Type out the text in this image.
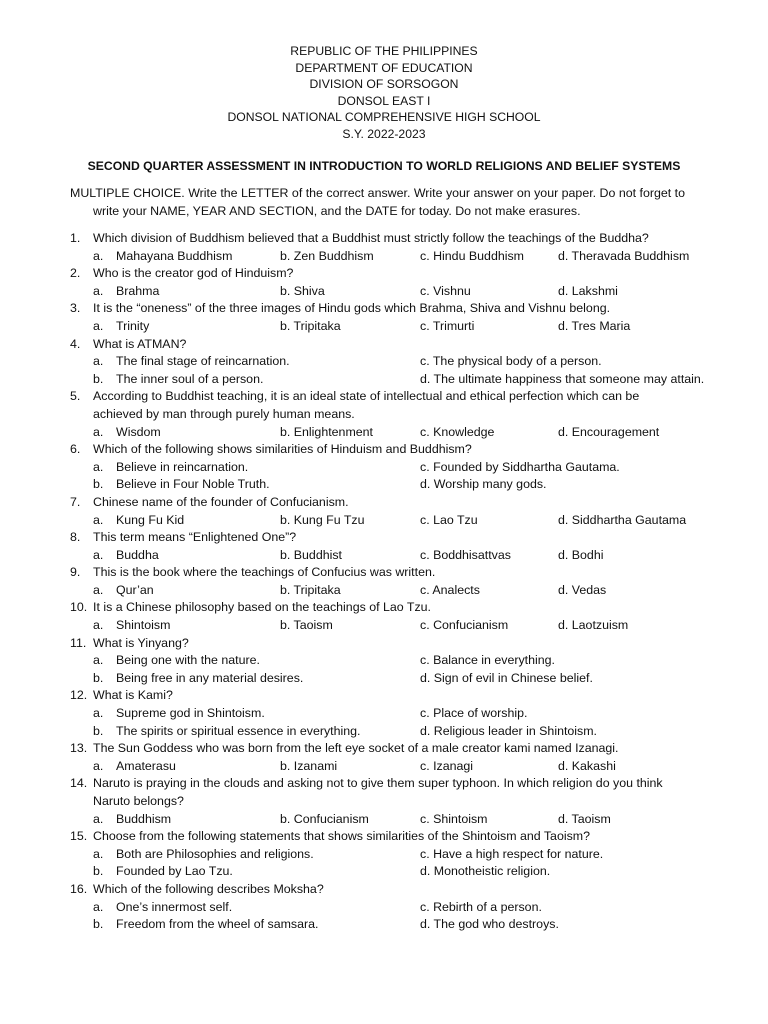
REPUBLIC OF THE PHILIPPINES
DEPARTMENT OF EDUCATION
DIVISION OF SORSOGON
DONSOL EAST I
DONSOL NATIONAL COMPREHENSIVE HIGH SCHOOL
S.Y. 2022-2023
SECOND QUARTER ASSESSMENT IN INTRODUCTION TO WORLD RELIGIONS AND BELIEF SYSTEMS
MULTIPLE CHOICE. Write the LETTER of the correct answer. Write your answer on your paper. Do not forget to
write your NAME, YEAR AND SECTION, and the DATE for today. Do not make erasures.
1.	Which division of Buddhism believed that a Buddhist must strictly follow the teachings of the Buddha?
a.	Mahayana Buddhism	b. Zen Buddhism	c. Hindu Buddhism	d. Theravada Buddhism
2.	Who is the creator god of Hinduism?
a.	Brahma	b. Shiva	c. Vishnu	d. Lakshmi
3.	It is the “oneness” of the three images of Hindu gods which Brahma, Shiva and Vishnu belong.
a.	Trinity	b. Tripitaka	c. Trimurti	d. Tres Maria
4.	What is ATMAN?
a.	The final stage of reincarnation.	c. The physical body of a person.
b.	The inner soul of a person.	d. The ultimate happiness that someone may attain.
5.	According to Buddhist teaching, it is an ideal state of intellectual and ethical perfection which can be
achieved by man through purely human means.
a.	Wisdom	b. Enlightenment	c. Knowledge	d. Encouragement
6.	Which of the following shows similarities of Hinduism and Buddhism?
a.	Believe in reincarnation.	c. Founded by Siddhartha Gautama.
b.	Believe in Four Noble Truth.	d. Worship many gods.
7.	Chinese name of the founder of Confucianism.
a.	Kung Fu Kid	b. Kung Fu Tzu	c. Lao Tzu	d. Siddhartha Gautama
8.	This term means “Enlightened One”?
a.	Buddha	b. Buddhist	c. Boddhisattvas	d. Bodhi
9.	This is the book where the teachings of Confucius was written.
a.	Qur’an	b. Tripitaka	c. Analects	d. Vedas
10. It is a Chinese philosophy based on the teachings of Lao Tzu.
a.	Shintoism	b. Taoism	c. Confucianism	d. Laotzuism
11. What is Yinyang?
a.	Being one with the nature.	c. Balance in everything.
b.	Being free in any material desires.	d. Sign of evil in Chinese belief.
12. What is Kami?
a.	Supreme god in Shintoism.	c. Place of worship.
b.	The spirits or spiritual essence in everything.	d. Religious leader in Shintoism.
13. The Sun Goddess who was born from the left eye socket of a male creator kami named Izanagi.
a.	Amaterasu	b. Izanami	c. Izanagi	d. Kakashi
14. Naruto is praying in the clouds and asking not to give them super typhoon. In which religion do you think
Naruto belongs?
a.	Buddhism	b. Confucianism	c. Shintoism	d. Taoism
15. Choose from the following statements that shows similarities of the Shintoism and Taoism?
a.	Both are Philosophies and religions.	c. Have a high respect for nature.
b.	Founded by Lao Tzu.	d. Monotheistic religion.
16. Which of the following describes Moksha?
a.	One’s innermost self.	c. Rebirth of a person.
b.	Freedom from the wheel of samsara.	d. The god who destroys.
